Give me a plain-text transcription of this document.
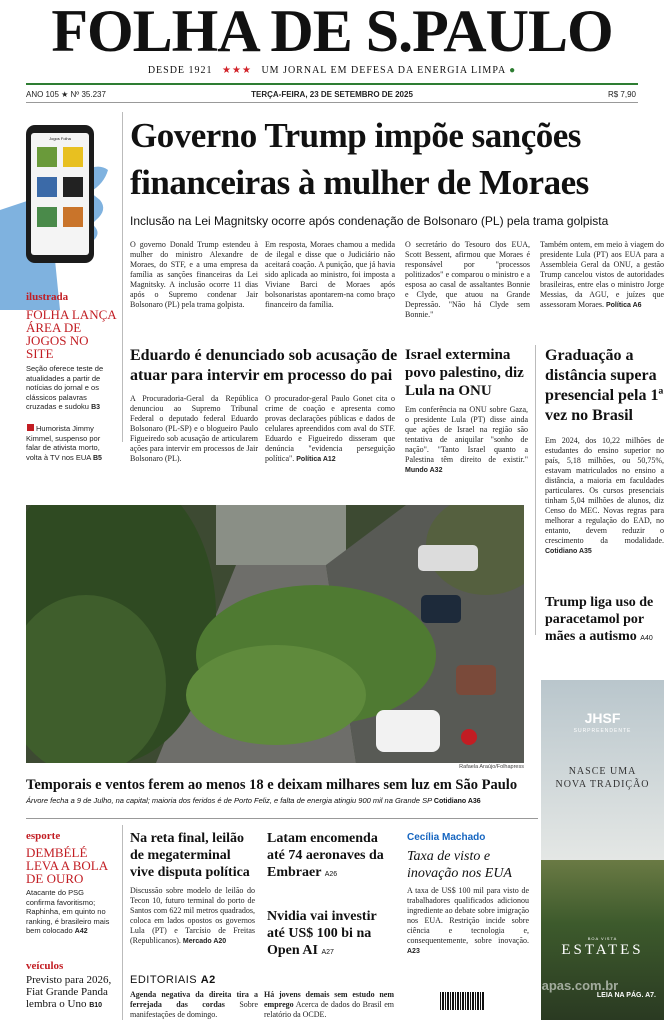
FOLHA DE S.PAULO
DESDE 1921 ★★★ UM JORNAL EM DEFESA DA ENERGIA LIMPA ●
ANO 105 ★ Nº 35.237	TERÇA-FEIRA, 23 DE SETEMBRO DE 2025	R$ 7,90
Jogos Folha
ilustrada
FOLHA LANÇA ÁREA DE JOGOS NO SITE
Seção oferece teste de atualidades a partir de notícias do jornal e os clássicos palavras cruzadas e sudoku B3
Humorista Jimmy Kimmel, suspenso por falar de ativista morto, volta à TV nos EUA B5
Governo Trump impõe sanções
financeiras à mulher de Moraes
Inclusão na Lei Magnitsky ocorre após condenação de Bolsonaro (PL) pela trama golpista
O governo Donald Trump estendeu à mulher do ministro Alexandre de Moraes, do STF, e a uma empresa da família as sanções financeiras da Lei Magnitsky. A inclusão ocorre 11 dias após o Supremo condenar Jair Bolsonaro (PL) pela trama golpista.
Em resposta, Moraes chamou a medida de ilegal e disse que o Judiciário não aceitará coação. A punição, que já havia sido aplicada ao ministro, foi imposta a Viviane Barci de Moraes após bolsonaristas apontarem-na como braço financeiro da família.
O secretário do Tesouro dos EUA, Scott Bessent, afirmou que Moraes é responsável por "processos politizados" e comparou o ministro e a esposa ao casal de assaltantes Bonnie e Clyde, que atuou na Grande Depressão. "Não há Clyde sem Bonnie."
Também ontem, em meio à viagem do presidente Lula (PT) aos EUA para a Assembleia Geral da ONU, a gestão Trump cancelou vistos de autoridades brasileiras, entre elas o ministro Jorge Messias, da AGU, e juízes que assessoram Moraes. Política A6
Eduardo é denunciado sob acusação de atuar para intervir em processo do pai
A Procuradoria-Geral da República denunciou ao Supremo Tribunal Federal o deputado federal Eduardo Bolsonaro (PL-SP) e o blogueiro Paulo Figueiredo sob acusação de articularem ações para intervir em processos de Jair Bolsonaro (PL).
O procurador-geral Paulo Gonet cita o crime de coação e apresenta como provas declarações públicas e dados de celulares apreendidos com aval do STF. Eduardo e Figueiredo disseram que denúncia "evidencia perseguição política". Política A12
Israel extermina povo palestino, diz Lula na ONU
Em conferência na ONU sobre Gaza, o presidente Lula (PT) disse ainda que ações de Israel na região são tentativa de aniquilar "sonho de nação". "Tanto Israel quanto a Palestina têm direito de existir." Mundo A32
Graduação a distância supera presencial pela 1ª vez no Brasil
Em 2024, dos 10,22 milhões de estudantes do ensino superior no país, 5,18 milhões, ou 50,75%, estavam matriculados no ensino a distância, a maioria em faculdades particulares. Os cursos presenciais tinham 5,04 milhões de alunos, diz Censo do MEC. Novas regras para melhorar a regulação do EAD, no entanto, devem reduzir o crescimento da modalidade. Cotidiano A35
Trump liga uso de paracetamol por mães a autismo A40
Rafaela Araújo/Folhapress
Temporais e ventos ferem ao menos 18 e deixam milhares sem luz em São Paulo
Árvore fecha a 9 de Julho, na capital; maioria dos feridos é de Porto Feliz, e falta de energia atingiu 900 mil na Grande SP Cotidiano A36
esporte
DEMBÉLÉ LEVA A BOLA DE OURO
Atacante do PSG confirma favoritismo; Raphinha, em quinto no ranking, é brasileiro mais bem colocado A42
veículos
Previsto para 2026, Fiat Grande Panda lembra o Uno B10
Na reta final, leilão de megaterminal vive disputa política
Discussão sobre modelo de leilão do Tecon 10, futuro terminal do porto de Santos com 622 mil metros quadrados, coloca em lados opostos os governos Lula (PT) e Tarcísio de Freitas (Republicanos). Mercado A20
Latam encomenda até 74 aeronaves da Embraer A26
Nvidia vai investir até US$ 100 bi na Open AI A27
Cecília Machado
Taxa de visto e inovação nos EUA
A taxa de US$ 100 mil para visto de trabalhadores qualificados adicionou ingrediente ao debate sobre imigração nos EUA. Restrição incide sobre ciência e tecnologia e, consequentemente, sobre inovação. A23
EDITORIAIS A2
Agenda negativa da direita tira a ferrejada das cordas Sobre manifestações de domingo.
Há jovens demais sem estudo nem emprego Acerca de dados do Brasil em relatório da OCDE.
JHSF
SURPREENDENTE
NASCE UMA
NOVA TRADIÇÃO
BOA VISTA
ESTATES
LEIA NA PÁG. A7.
VerCapas.com.br
